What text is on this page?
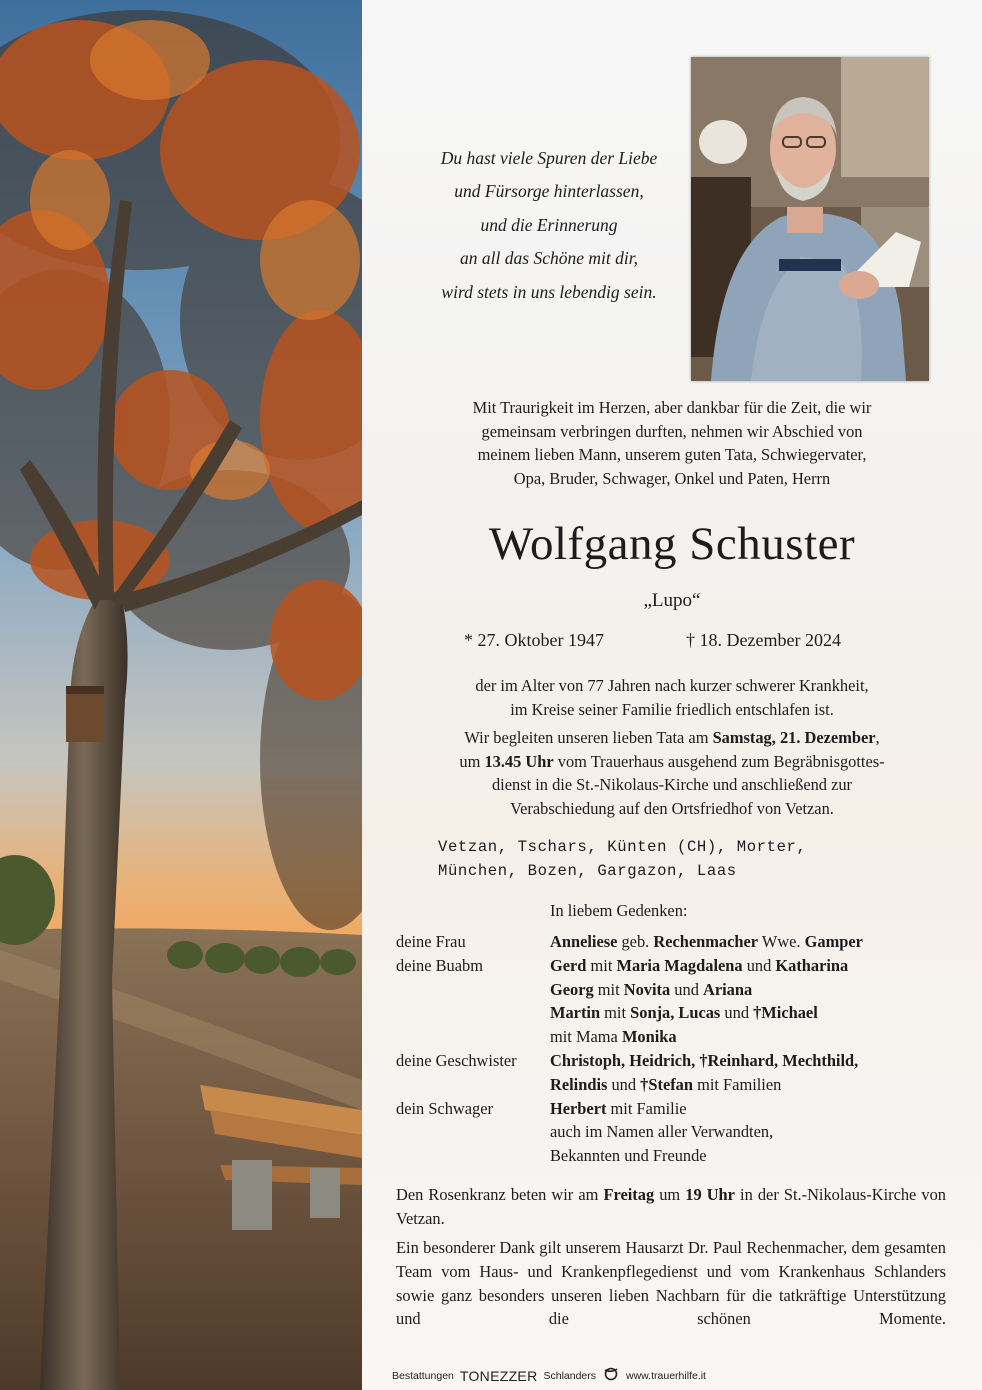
Du hast viele Spuren der Liebe
und Fürsorge hinterlassen,
und die Erinnerung
an all das Schöne mit dir,
wird stets in uns lebendig sein.
Mit Traurigkeit im Herzen, aber dankbar für die Zeit, die wir
gemeinsam verbringen durften, nehmen wir Abschied von
meinem lieben Mann, unserem guten Tata, Schwiegervater,
Opa, Bruder, Schwager, Onkel und Paten, Herrn
Wolfgang Schuster
„Lupo“
* 27. Oktober 1947	† 18. Dezember 2024
der im Alter von 77 Jahren nach kurzer schwerer Krankheit,
im Kreise seiner Familie friedlich entschlafen ist.
Wir begleiten unseren lieben Tata am Samstag, 21. Dezember,
um 13.45 Uhr vom Trauerhaus ausgehend zum Begräbnisgottes-
dienst in die St.-Nikolaus-Kirche und anschließend zur
Verabschiedung auf den Ortsfriedhof von Vetzan.
Vetzan, Tschars, Künten (CH), Morter,
München, Bozen, Gargazon, Laas
In liebem Gedenken:
deine Frau	Anneliese geb. Rechenmacher Wwe. Gamper
deine Buabm	Gerd mit Maria Magdalena und Katharina
Georg mit Novita und Ariana
Martin mit Sonja, Lucas und †Michael
mit Mama Monika
deine Geschwister	Christoph, Heidrich, †Reinhard, Mechthild,
Relindis und †Stefan mit Familien
dein Schwager	Herbert mit Familie
auch im Namen aller Verwandten,
Bekannten und Freunde
Den Rosenkranz beten wir am Freitag um 19 Uhr in der St.-Nikolaus-Kirche von Vetzan.
Ein besonderer Dank gilt unserem Hausarzt Dr. Paul Rechenmacher, dem gesamten Team vom Haus- und Krankenpflegedienst und vom Krankenhaus Schlanders sowie ganz besonders unseren lieben Nachbarn für die tatkräftige Unterstützung und die schönen Momente.
Bestattungen TONEZZER Schlanders	www.trauerhilfe.it
